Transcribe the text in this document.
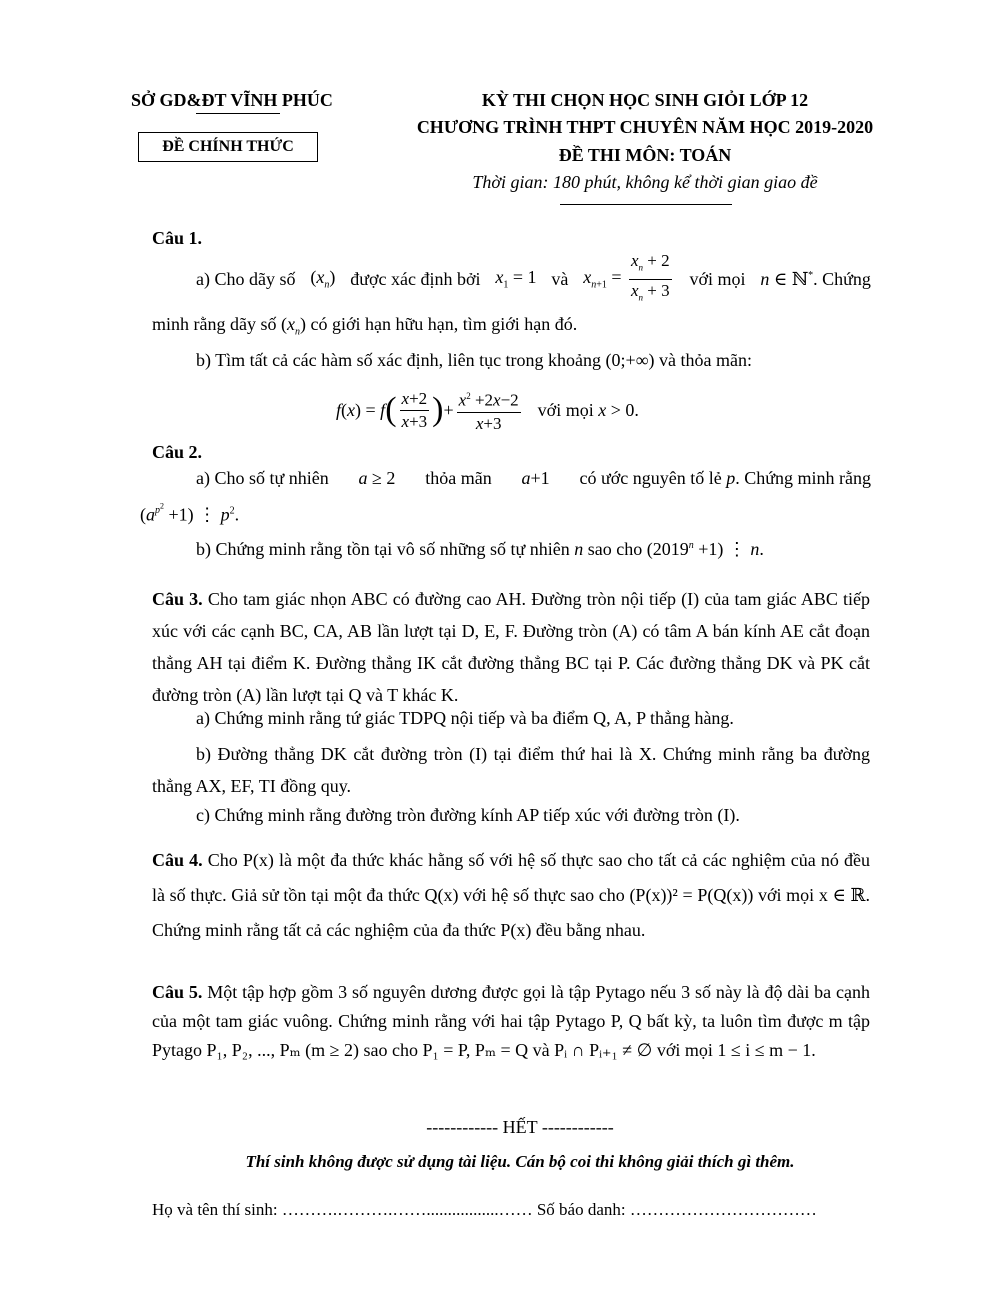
SỞ GD&ĐT VĨNH PHÚC
ĐỀ CHÍNH THỨC
KỲ THI CHỌN HỌC SINH GIỎI LỚP 12
CHƯƠNG TRÌNH THPT CHUYÊN NĂM HỌC 2019-2020
ĐỀ THI MÔN: TOÁN
Thời gian: 180 phút, không kể thời gian giao đề
Câu 1.
a) Cho dãy số $(x_n)$ được xác định bởi $x_1 = 1$ và $x_{n+1} = \frac{x_n + 2}{x_n + 3}$ với mọi n ∈ ℕ*. Chứng
minh rằng dãy số $(x_n)$ có giới hạn hữu hạn, tìm giới hạn đó.
b) Tìm tất cả các hàm số xác định, liên tục trong khoảng (0;+∞) và thỏa mãn:
f(x) = f ( $\frac{x+2}{x+3}$ ) + $\frac{x^2 +2x-2}{x+3}$ với mọi x > 0.
Câu 2.
a) Cho số tự nhiên a ≥ 2 thỏa mãn a+1 có ước nguyên tố lẻ p. Chứng minh rằng
$(a^{p^2} +1)$ ⋮ $p^2$.
b) Chứng minh rằng tồn tại vô số những số tự nhiên n sao cho $(2019^n +1)$ ⋮ n.
Câu 3. Cho tam giác nhọn ABC có đường cao AH. Đường tròn nội tiếp (I) của tam giác ABC tiếp xúc với các cạnh BC, CA, AB lần lượt tại D, E, F. Đường tròn (A) có tâm A bán kính AE cắt đoạn thẳng AH tại điểm K. Đường thẳng IK cắt đường thẳng BC tại P. Các đường thẳng DK và PK cắt đường tròn (A) lần lượt tại Q và T khác K.
a) Chứng minh rằng tứ giác TDPQ nội tiếp và ba điểm Q, A, P thẳng hàng.
b) Đường thẳng DK cắt đường tròn (I) tại điểm thứ hai là X. Chứng minh rằng ba đường thẳng AX, EF, TI đồng quy.
c) Chứng minh rằng đường tròn đường kính AP tiếp xúc với đường tròn (I).
Câu 4. Cho P(x) là một đa thức khác hằng số với hệ số thực sao cho tất cả các nghiệm của nó đều là số thực. Giả sử tồn tại một đa thức Q(x) với hệ số thực sao cho (P(x))² = P(Q(x)) với mọi x ∈ ℝ. Chứng minh rằng tất cả các nghiệm của đa thức P(x) đều bằng nhau.
Câu 5. Một tập hợp gồm 3 số nguyên dương được gọi là tập Pytago nếu 3 số này là độ dài ba cạnh của một tam giác vuông. Chứng minh rằng với hai tập Pytago P, Q bất kỳ, ta luôn tìm được m tập Pytago P₁, P₂, ..., Pₘ (m ≥ 2) sao cho P₁ = P, Pₘ = Q và Pᵢ ∩ Pᵢ₊₁ ≠ ∅ với mọi 1 ≤ i ≤ m − 1.
------------ HẾT ------------
Thí sinh không được sử dụng tài liệu. Cán bộ coi thi không giải thích gì thêm.
Họ và tên thí sinh: ……….……….…….................…… Số báo danh: ……………………………
